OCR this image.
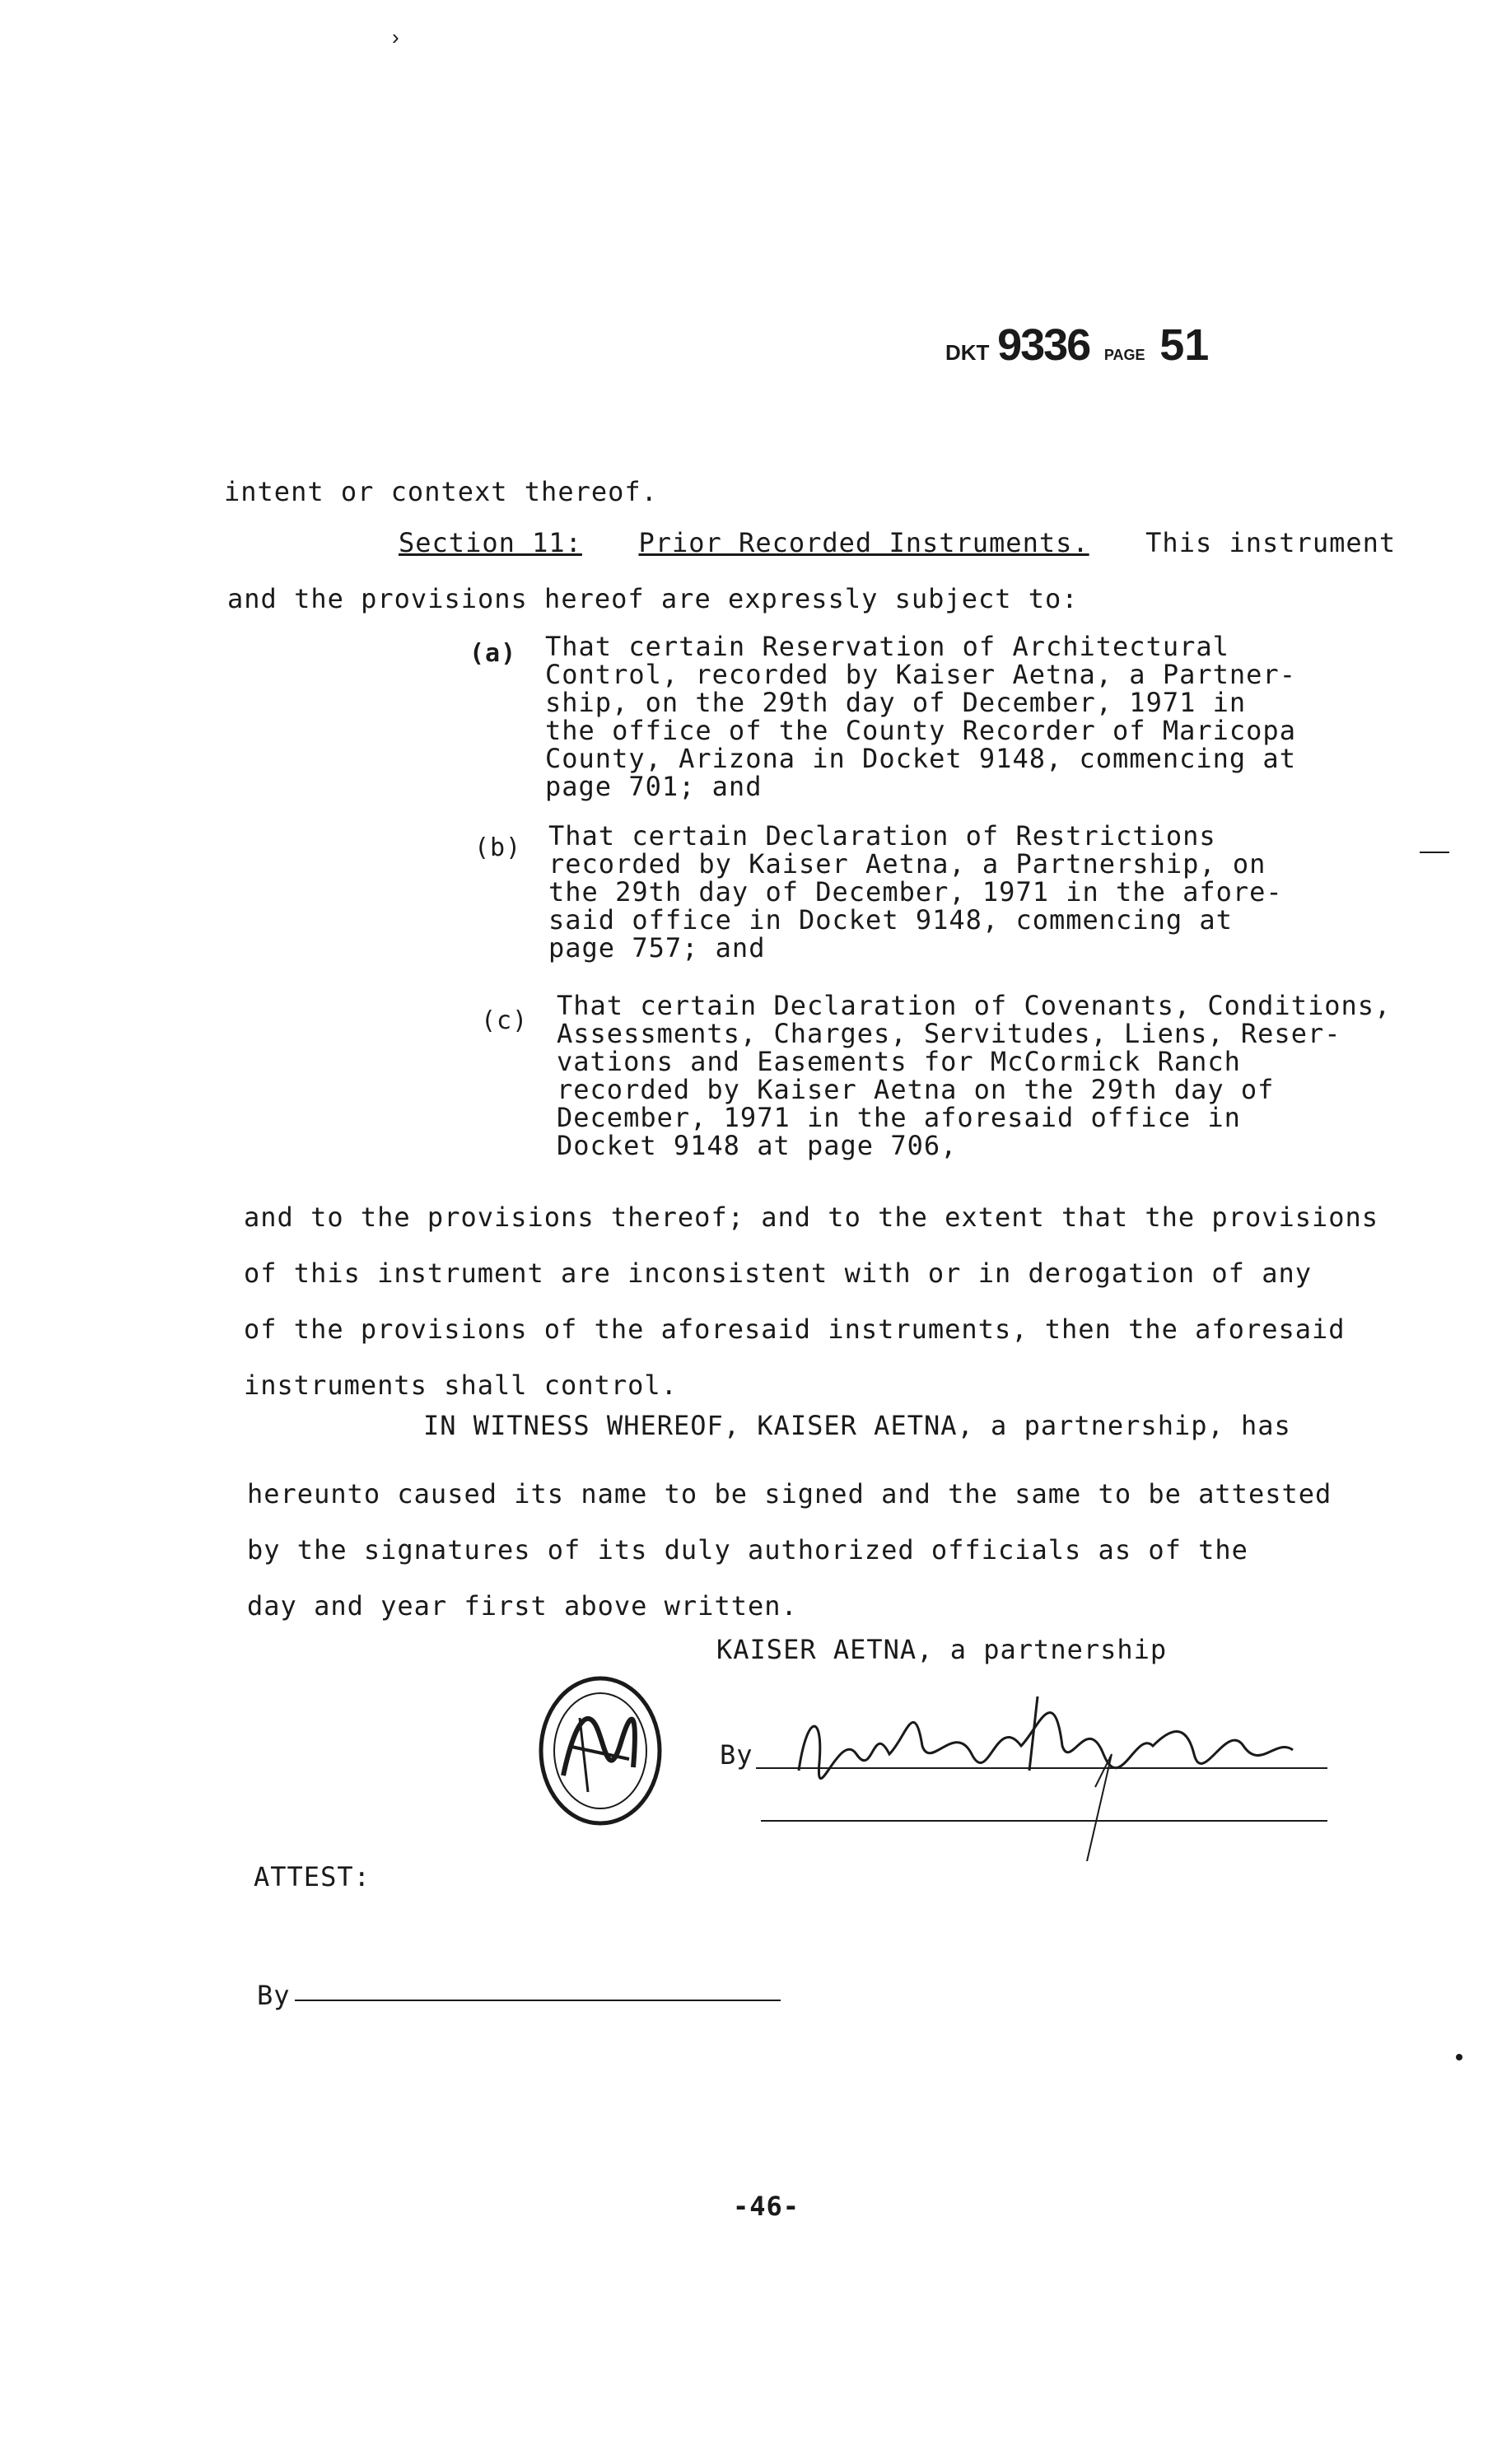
›
DKT 9336 PAGE 51
intent or context thereof.
Section 11: Prior Recorded Instruments. This instrument
and the provisions hereof are expressly subject to:
(a) That certain Reservation of Architectural
Control, recorded by Kaiser Aetna, a Partner-
ship, on the 29th day of December, 1971 in
the office of the County Recorder of Maricopa
County, Arizona in Docket 9148, commencing at
page 701; and
(b) That certain Declaration of Restrictions
recorded by Kaiser Aetna, a Partnership, on
the 29th day of December, 1971 in the afore-
said office in Docket 9148, commencing at
page 757; and
(c) That certain Declaration of Covenants, Conditions,
Assessments, Charges, Servitudes, Liens, Reser-
vations and Easements for McCormick Ranch
recorded by Kaiser Aetna on the 29th day of
December, 1971 in the aforesaid office in
Docket 9148 at page 706,
and to the provisions thereof; and to the extent that the provisions
of this instrument are inconsistent with or in derogation of any
of the provisions of the aforesaid instruments, then the aforesaid
instruments shall control.
IN WITNESS WHEREOF, KAISER AETNA, a partnership, has
hereunto caused its name to be signed and the same to be attested
by the signatures of its duly authorized officials as of the
day and year first above written.
KAISER AETNA, a partnership
By
ATTEST:
By
-46-
